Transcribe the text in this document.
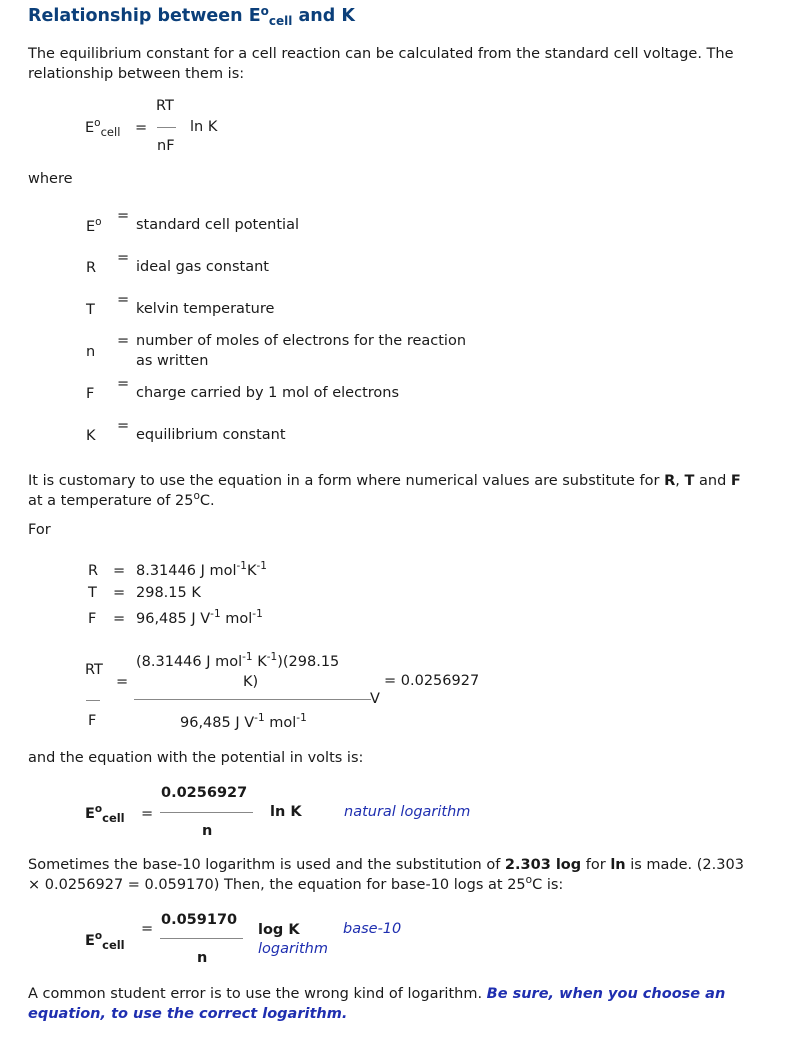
Relationship between $E^o_{cell}$ and K
The equilibrium constant for a cell reaction can be calculated from the standard cell voltage. The relationship between them is:
$E^o_{cell}$ =
RT
nF
ln K
where
$E^o$ =
standard cell potential
R
=
ideal gas constant
T
=
kelvin temperature
n
= number of moles of electrons for the reaction
as written
F
=
charge carried by 1 mol of electrons
K
=
equilibrium constant
It is customary to use the equation in a form where numerical values are substitute for R, T and F
at a temperature of 25$^o$C.
For
R = 8.31446 J $mol^{-1}K^{-1}$
T = 298.15 K
F = 96,485 J $V^{-1}$ mol$^{-1}$
RT
F
=
(8.31446 J mol$^{-1}$ $K^{-1})(298.15$
K)
V
96,485 J $V^{-1}$ mol$^{-1}$
= 0.0256927
and the equation with the potential in volts is:
$E^o_{cell}$ =
0.0256927
n
ln K	natural logarithm
Sometimes the base-10 logarithm is used and the substitution of 2.303 log for ln is made. (2.303
× 0.0256927 = 0.059170) Then, the equation for base-10 logs at 25$^o$C is:
$E^o_{cell}$
=
0.059170
n
log K	base-10
logarithm
A common student error is to use the wrong kind of logarithm. Be sure, when you choose an equation, to use the correct logarithm.
